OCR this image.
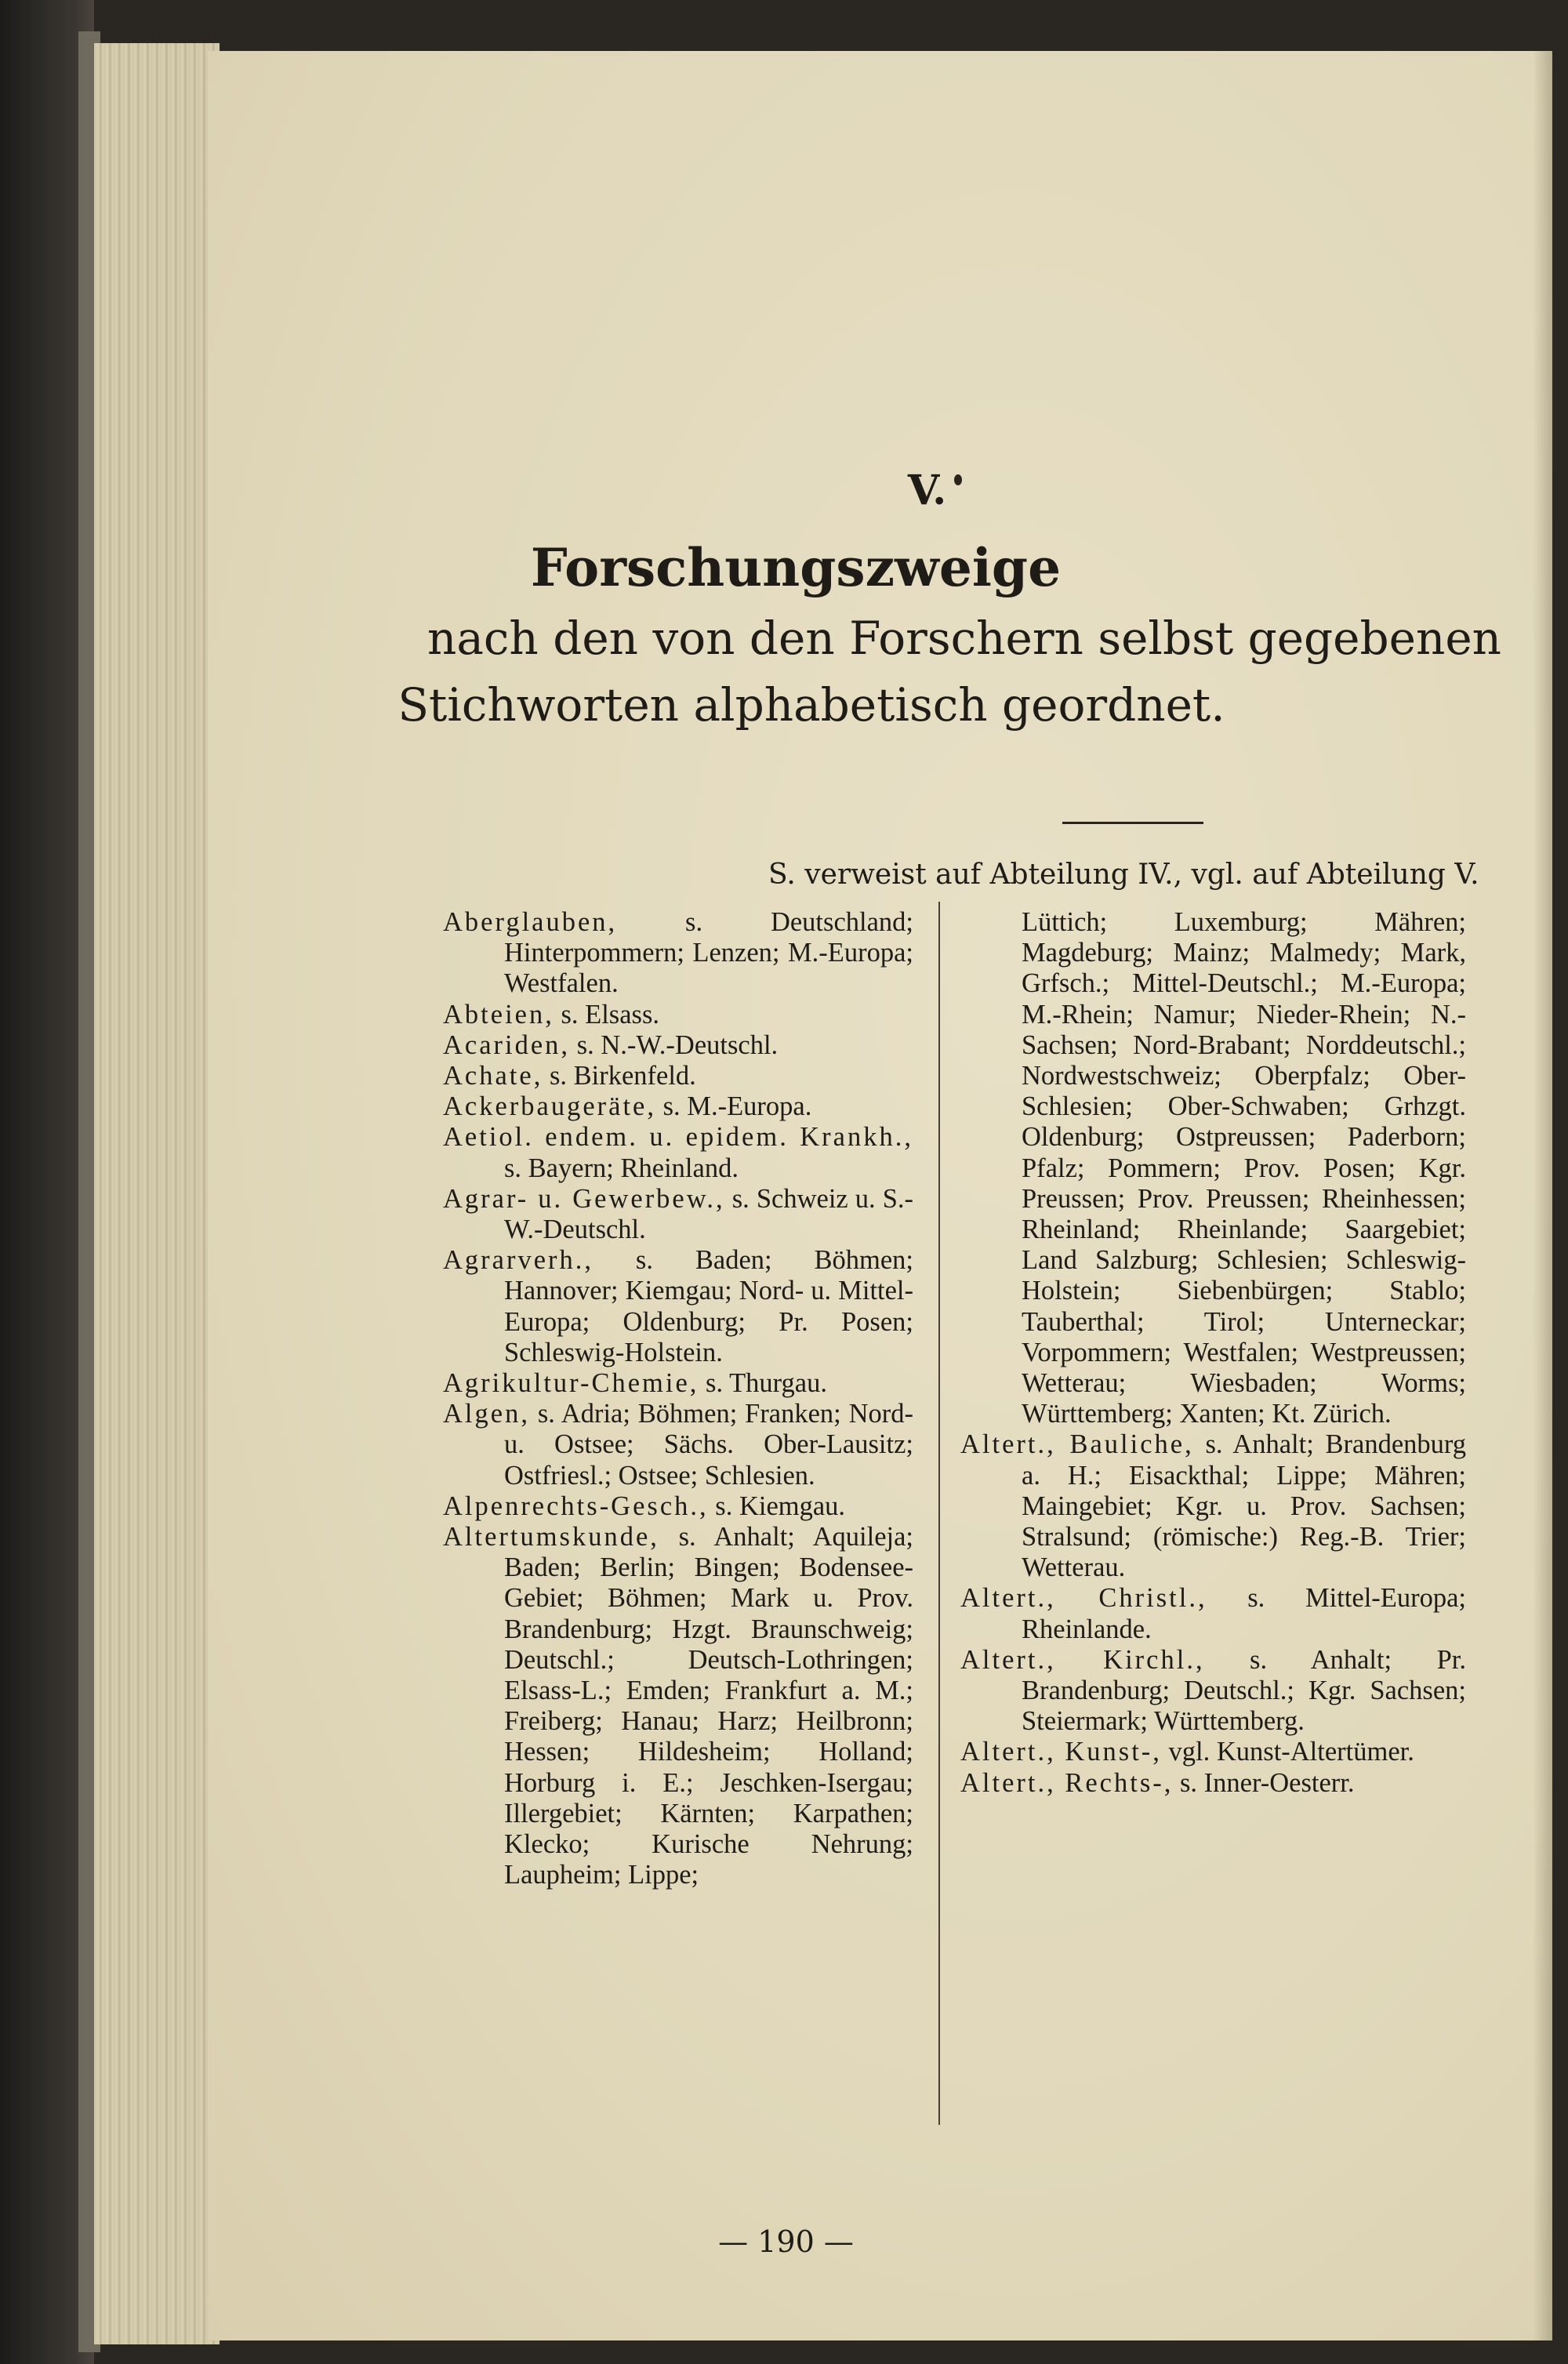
V.
Forschungszweige
nach den von den Forschern selbst gegebenen
Stichworten alphabetisch geordnet.
S. verweist auf Abteilung IV., vgl. auf Abteilung V.

Aberglauben,	s. Deutschland; Hinterpommern; Lenzen; M.-Europa; Westfalen.

Abteien, s. Elsass.

Acariden, s. N.-W.-Deutschl.

Achate, s. Birkenfeld.

Ackerbaugeräte, s. M.-Europa.

Aetiol. endem. u. epidem. Krankh., s. Bayern; Rheinland.

Agrar- u. Gewerbew., s. Schweiz u. S.-W.-Deutschl.

Agrarverh., s. Baden; Böhmen; Hannover; Kiemgau; Nord- u. Mittel-Europa; Oldenburg; Pr. Posen; Schleswig-Holstein.

Agrikultur-Chemie, s. Thurgau.

Algen, s. Adria; Böhmen; Franken; Nord- u. Ostsee; Sächs. Ober-Lausitz; Ostfriesl.; Ostsee; Schlesien.

Alpenrechts-Gesch., s. Kiemgau.

Altertumskunde, s. Anhalt; Aquileja; Baden; Berlin; Bingen; Bodensee-Gebiet; Böhmen; Mark u. Prov. Brandenburg; Hzgt. Braunschweig; Deutschl.; Deutsch-Lothringen; Elsass-L.; Emden; Frankfurt a. M.; Freiberg; Hanau; Harz; Heilbronn; Hessen; Hildesheim; Holland; Horburg i. E.; Jeschken-Isergau; Illergebiet; Kärnten; Karpathen; Klecko; Kurische Nehrung; Laupheim; Lippe;

Lüttich; Luxemburg; Mähren; Magdeburg; Mainz; Malmedy; Mark, Grfsch.; Mittel-Deutschl.; M.-Europa; M.-Rhein; Namur; Nieder-Rhein; N.-Sachsen; Nord-Brabant; Norddeutschl.; Nordwestschweiz; Oberpfalz; Ober-Schlesien; Ober-Schwaben; Grhzgt. Oldenburg; Ostpreussen; Paderborn; Pfalz; Pommern; Prov. Posen; Kgr. Preussen; Prov. Preussen; Rheinhessen; Rheinland; Rheinlande; Saargebiet; Land Salzburg; Schlesien; Schleswig-Holstein; Siebenbürgen; Stablo; Tauberthal; Tirol; Unterneckar; Vorpommern; Westfalen; Westpreussen; Wetterau; Wiesbaden; Worms; Württemberg; Xanten; Kt. Zürich.

Altert., Bauliche, s. Anhalt; Brandenburg a. H.; Eisackthal; Lippe; Mähren; Maingebiet; Kgr. u. Prov. Sachsen; Stralsund; (römische:) Reg.-B. Trier; Wetterau.

Altert., Christl., s. Mittel-Europa; Rheinlande.

Altert., Kirchl., s. Anhalt; Pr. Brandenburg; Deutschl.; Kgr. Sachsen; Steiermark; Württemberg.

Altert., Kunst-, vgl. Kunst-Altertümer.

Altert., Rechts-, s. Inner-Oesterr.

— 190 —
